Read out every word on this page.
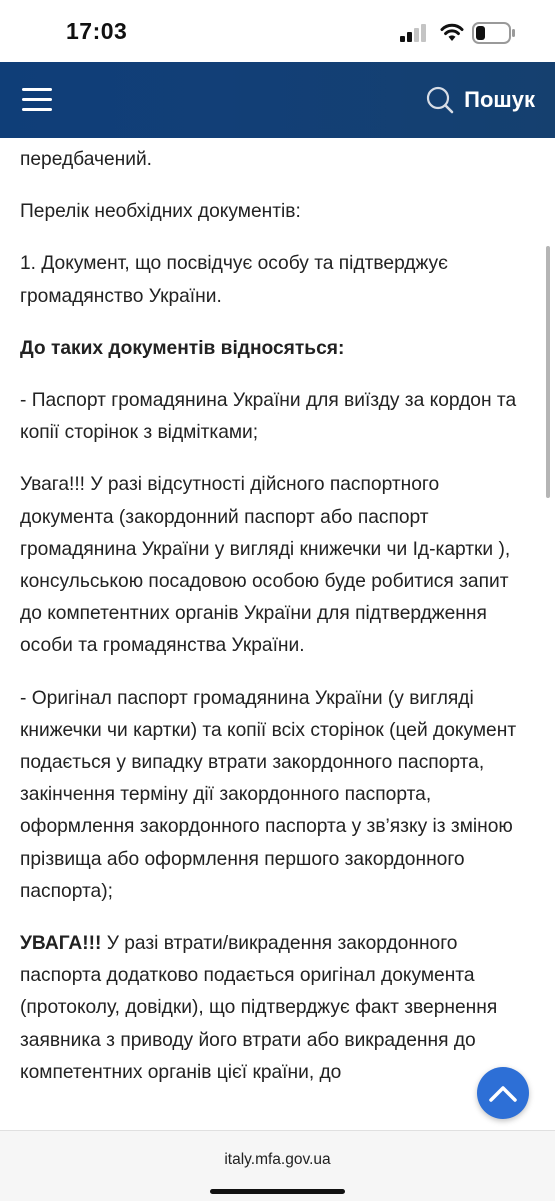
17:03
Пошук

передбачений.

Перелік необхідних документів:

1. Документ, що посвідчує особу та підтверджує громадянство України.

До таких документів відносяться:

- Паспорт громадянина України для виїзду за кордон та копії сторінок з відмітками;

Увага!!! У разі відсутності дійсного паспортного документа (закордонний паспорт або паспорт громадянина України у вигляді книжечки чи Ід-картки ), консульською посадовою особою буде робитися запит до компетентних органів України для підтвердження особи та громадянства України.

- Оригінал паспорт громадянина України (у вигляді книжечки чи картки) та копії всіх сторінок (цей документ подається у випадку втрати закордонного паспорта, закінчення терміну дії закордонного паспорта, оформлення закордонного паспорта у зв’язку із зміною прізвища або оформлення першого закордонного паспорта);

УВАГА!!! У разі втрати/викрадення закордонного паспорта додатково подається оригінал документа (протоколу, довідки), що підтверджує факт звернення заявника з приводу його втрати або викрадення до компетентних органів цієї країни, до

italy.mfa.gov.ua
